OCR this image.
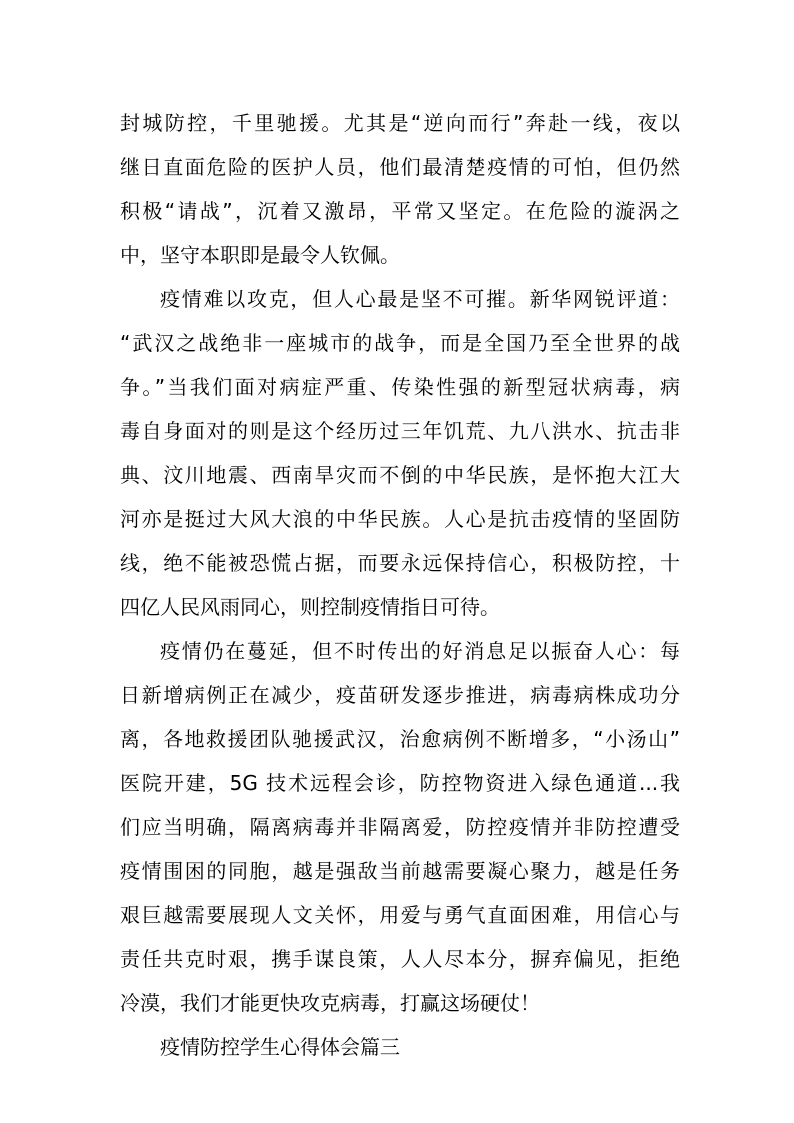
封城防控，千里驰援。尤其是“逆向而行”奔赴一线，夜以
继日直面危险的医护人员，他们最清楚疫情的可怕，但仍然
积极“请战”，沉着又激昂，平常又坚定。在危险的漩涡之
中，坚守本职即是最令人钦佩。
疫情难以攻克，但人心最是坚不可摧。新华网锐评道：
“武汉之战绝非一座城市的战争，而是全国乃至全世界的战
争。”当我们面对病症严重、传染性强的新型冠状病毒，病
毒自身面对的则是这个经历过三年饥荒、九八洪水、抗击非
典、汶川地震、西南旱灾而不倒的中华民族，是怀抱大江大
河亦是挺过大风大浪的中华民族。人心是抗击疫情的坚固防
线，绝不能被恐慌占据，而要永远保持信心，积极防控，十
四亿人民风雨同心，则控制疫情指日可待。
疫情仍在蔓延，但不时传出的好消息足以振奋人心：每
日新增病例正在减少，疫苗研发逐步推进，病毒病株成功分
离，各地救援团队驰援武汉，治愈病例不断增多，“小汤山”
医院开建，5G 技术远程会诊，防控物资进入绿色通道...我
们应当明确，隔离病毒并非隔离爱，防控疫情并非防控遭受
疫情围困的同胞，越是强敌当前越需要凝心聚力，越是任务
艰巨越需要展现人文关怀，用爱与勇气直面困难，用信心与
责任共克时艰，携手谋良策，人人尽本分，摒弃偏见，拒绝
冷漠，我们才能更快攻克病毒，打赢这场硬仗！
疫情防控学生心得体会篇三
